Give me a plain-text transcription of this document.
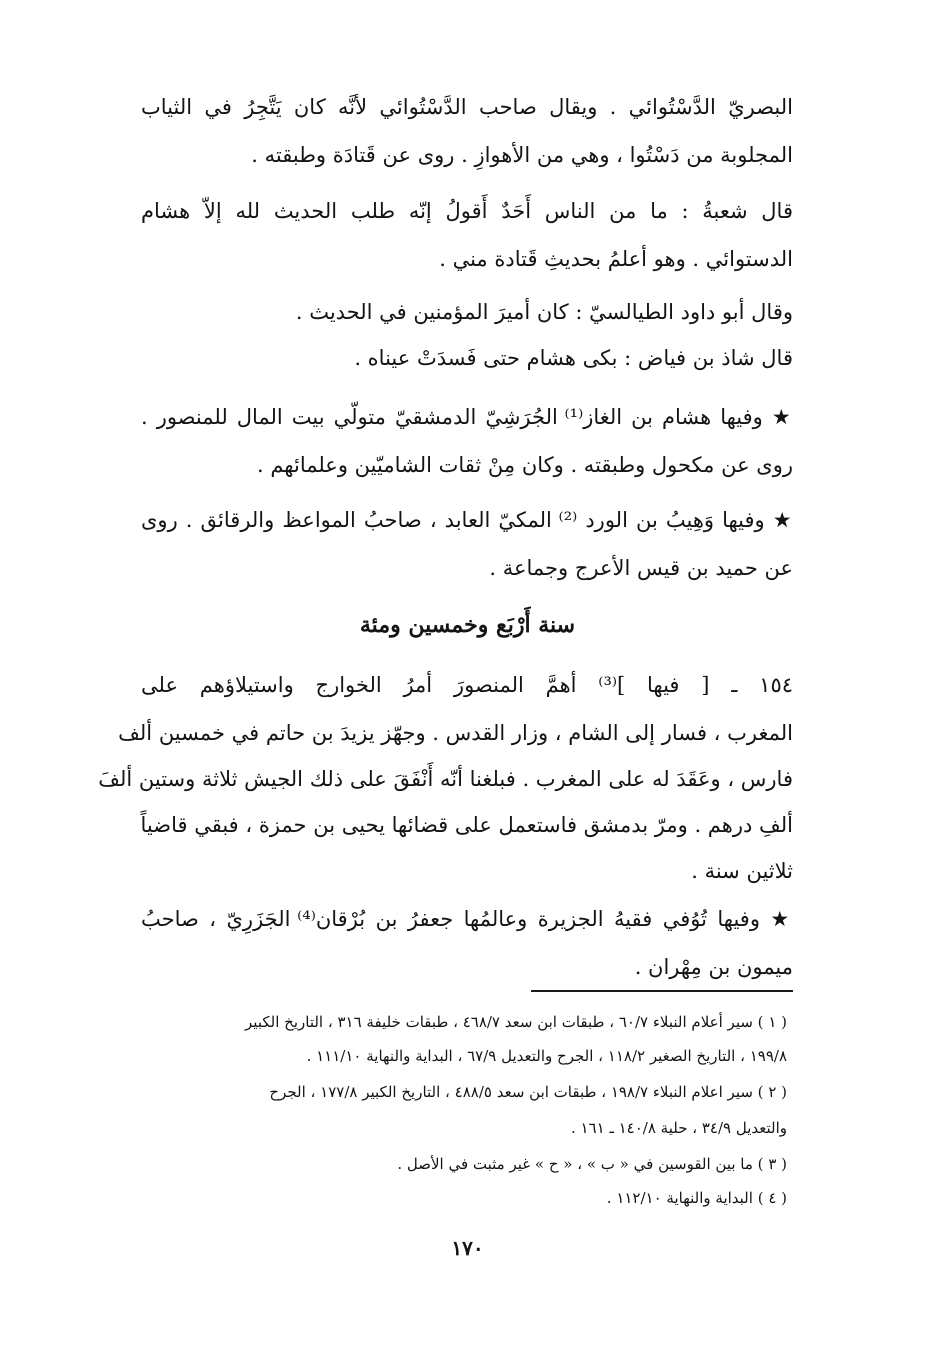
البصريّ الدَّسْتُوائي . ويقال صاحب الدَّسْتُوائي لأنَّه كان يَتَّجِرُ في الثياب
المجلوبة من دَسْتُوا ، وهي من الأهوازِ . روى عن قَتادَة وطبقته .
قال شعبةُ : ما من الناس أَحَدٌ أَقولُ إنّه طلب الحديث لله إلاّ هشام
الدستوائي . وهو أعلمُ بحديثِ قَتادة مني .
وقال أبو داود الطيالسيّ : كان أميرَ المؤمنين في الحديث .
قال شاذ بن فياض : بكى هشام حتى فَسدَتْ عيناه .
★ وفيها هشام بن الغاز⁽¹⁾ الجُرَشِيّ الدمشقيّ متولّي بيت المال للمنصور .
روى عن مكحول وطبقته . وكان مِنْ ثقات الشاميّين وعلمائهم .
★ وفيها وَهِيبُ بن الورد ⁽²⁾ المكيّ العابد ، صاحبُ المواعظ والرقائق . روى
عن حميد بن قيس الأعرج وجماعة .
سنة أَرْبَع وخمسين ومئة
١٥٤ ـ [ فيها ]⁽³⁾ أهمَّ المنصورَ أمرُ الخوارج واستيلاؤهم على
المغرب ، فسار إلى الشام ، وزار القدس . وجهّز يزيدَ بن حاتم في خمسين ألف
فارس ، وعَقَدَ له على المغرب . فبلغنا أنّه أَنْفَقَ على ذلك الجيش ثلاثة وستين ألفَ
ألفِ درهم . ومرّ بدمشق فاستعمل على قضائها يحيى بن حمزة ، فبقي قاضياً
ثلاثين سنة .
★ وفيها تُوُفي فقيهُ الجزيرة وعالمُها جعفرُ بن بُرْقان⁽⁴⁾ الجَزَرِيّ ، صاحبُ
ميمون بن مِهْران .
( ١ ) سير أعلام النبلاء ٦٠/٧ ، طبقات ابن سعد ٤٦٨/٧ ، طبقات خليفة ٣١٦ ، التاريخ الكبير
١٩٩/٨ ، التاريخ الصغير ١١٨/٢ ، الجرح والتعديل ٦٧/٩ ، البداية والنهاية ١١١/١٠ .
( ٢ ) سير اعلام النبلاء ١٩٨/٧ ، طبقات ابن سعد ٤٨٨/٥ ، التاريخ الكبير ١٧٧/٨ ، الجرح
والتعديل ٣٤/٩ ، حلية ١٤٠/٨ ـ ١٦١ .
( ٣ ) ما بين القوسين في « ب » ، « ح » غير مثبت في الأصل .
( ٤ ) البداية والنهاية ١١٢/١٠ .
١٧٠
